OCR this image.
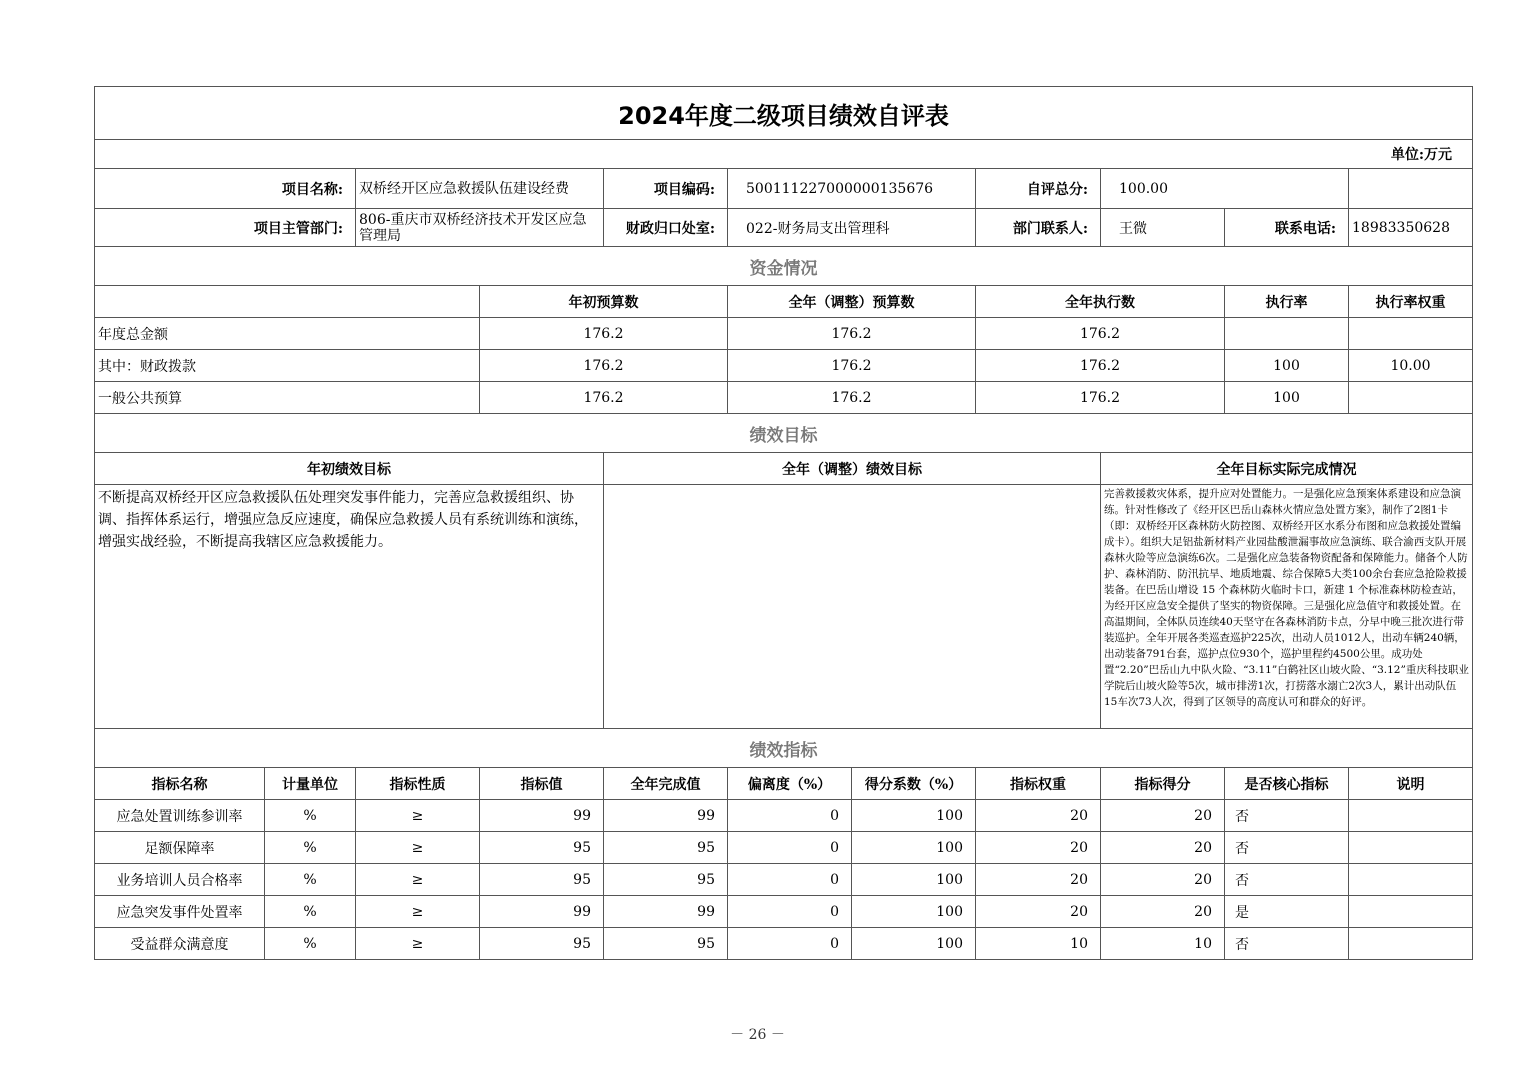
2024年度二级项目绩效自评表											
单位:万元											
项目名称:		双桥经开区应急救援队伍建设经费		项目编码:	500111227000000135676		自评总分:	100.00			
项目主管部门:		806-重庆市双桥经济技术开发区应急管理局		财政归口处室:	022-财务局支出管理科		部门联系人:	王微	联系电话:	18983350628	
资金情况											
			年初预算数		全年（调整）预算数		全年执行数		执行率	执行率权重	
年度总金额			176.2		176.2		176.2				
其中：财政拨款			176.2		176.2		176.2		100	10.00	
一般公共预算			176.2		176.2		176.2		100		
绩效目标											
年初绩效目标				全年（调整）绩效目标				全年目标实际完成情况			
不断提高双桥经开区应急救援队伍处理突发事件能力，完善应急救援组织、协调、指挥体系运行，增强应急反应速度，确保应急救援人员有系统训练和演练，增强实战经验，不断提高我辖区应急救援能力。								完善救援救灾体系，提升应对处置能力。一是强化应急预案体系建设和应急演练。针对性修改了《经开区巴岳山森林火情应急处置方案》，制作了2图1卡（即：双桥经开区森林防火防控图、双桥经开区水系分布图和应急救援处置编成卡）。组织大足铝盐新材料产业园盐酸泄漏事故应急演练、联合渝西支队开展森林火险等应急演练6次。二是强化应急装备物资配备和保障能力。储备个人防护、森林消防、防汛抗旱、地质地震、综合保障5大类100余台套应急抢险救援装备。在巴岳山增设 15 个森林防火临时卡口，新建 1 个标准森林防检查站，为经开区应急安全提供了坚实的物资保障。三是强化应急值守和救援处置。在高温期间，全体队员连续40天坚守在各森林消防卡点，分早中晚三批次进行带装巡护。全年开展各类巡查巡护225次，出动人员1012人，出动车辆240辆，出动装备791台套，巡护点位930个，巡护里程约4500公里。成功处置“2.20”巴岳山九中队火险、“3.11”白鹤社区山坡火险、“3.12”重庆科技职业学院后山坡火险等5次，城市排涝1次，打捞落水溺亡2次3人，累计出动队伍15车次73人次，得到了区领导的高度认可和群众的好评。			
绩效指标											
指标名称	计量单位	指标性质	指标值	全年完成值	偏离度（%）	得分系数（%）	指标权重	指标得分	是否核心指标	说明	
应急处置训练参训率	%	≥	99	99	0	100	20	20	否		
足额保障率	%	≥	95	95	0	100	20	20	否		
业务培训人员合格率	%	≥	95	95	0	100	20	20	否		
应急突发事件处置率	%	≥	99	99	0	100	20	20	是		
受益群众满意度	%	≥	95	95	0	100	10	10	否		
－ 26 －
